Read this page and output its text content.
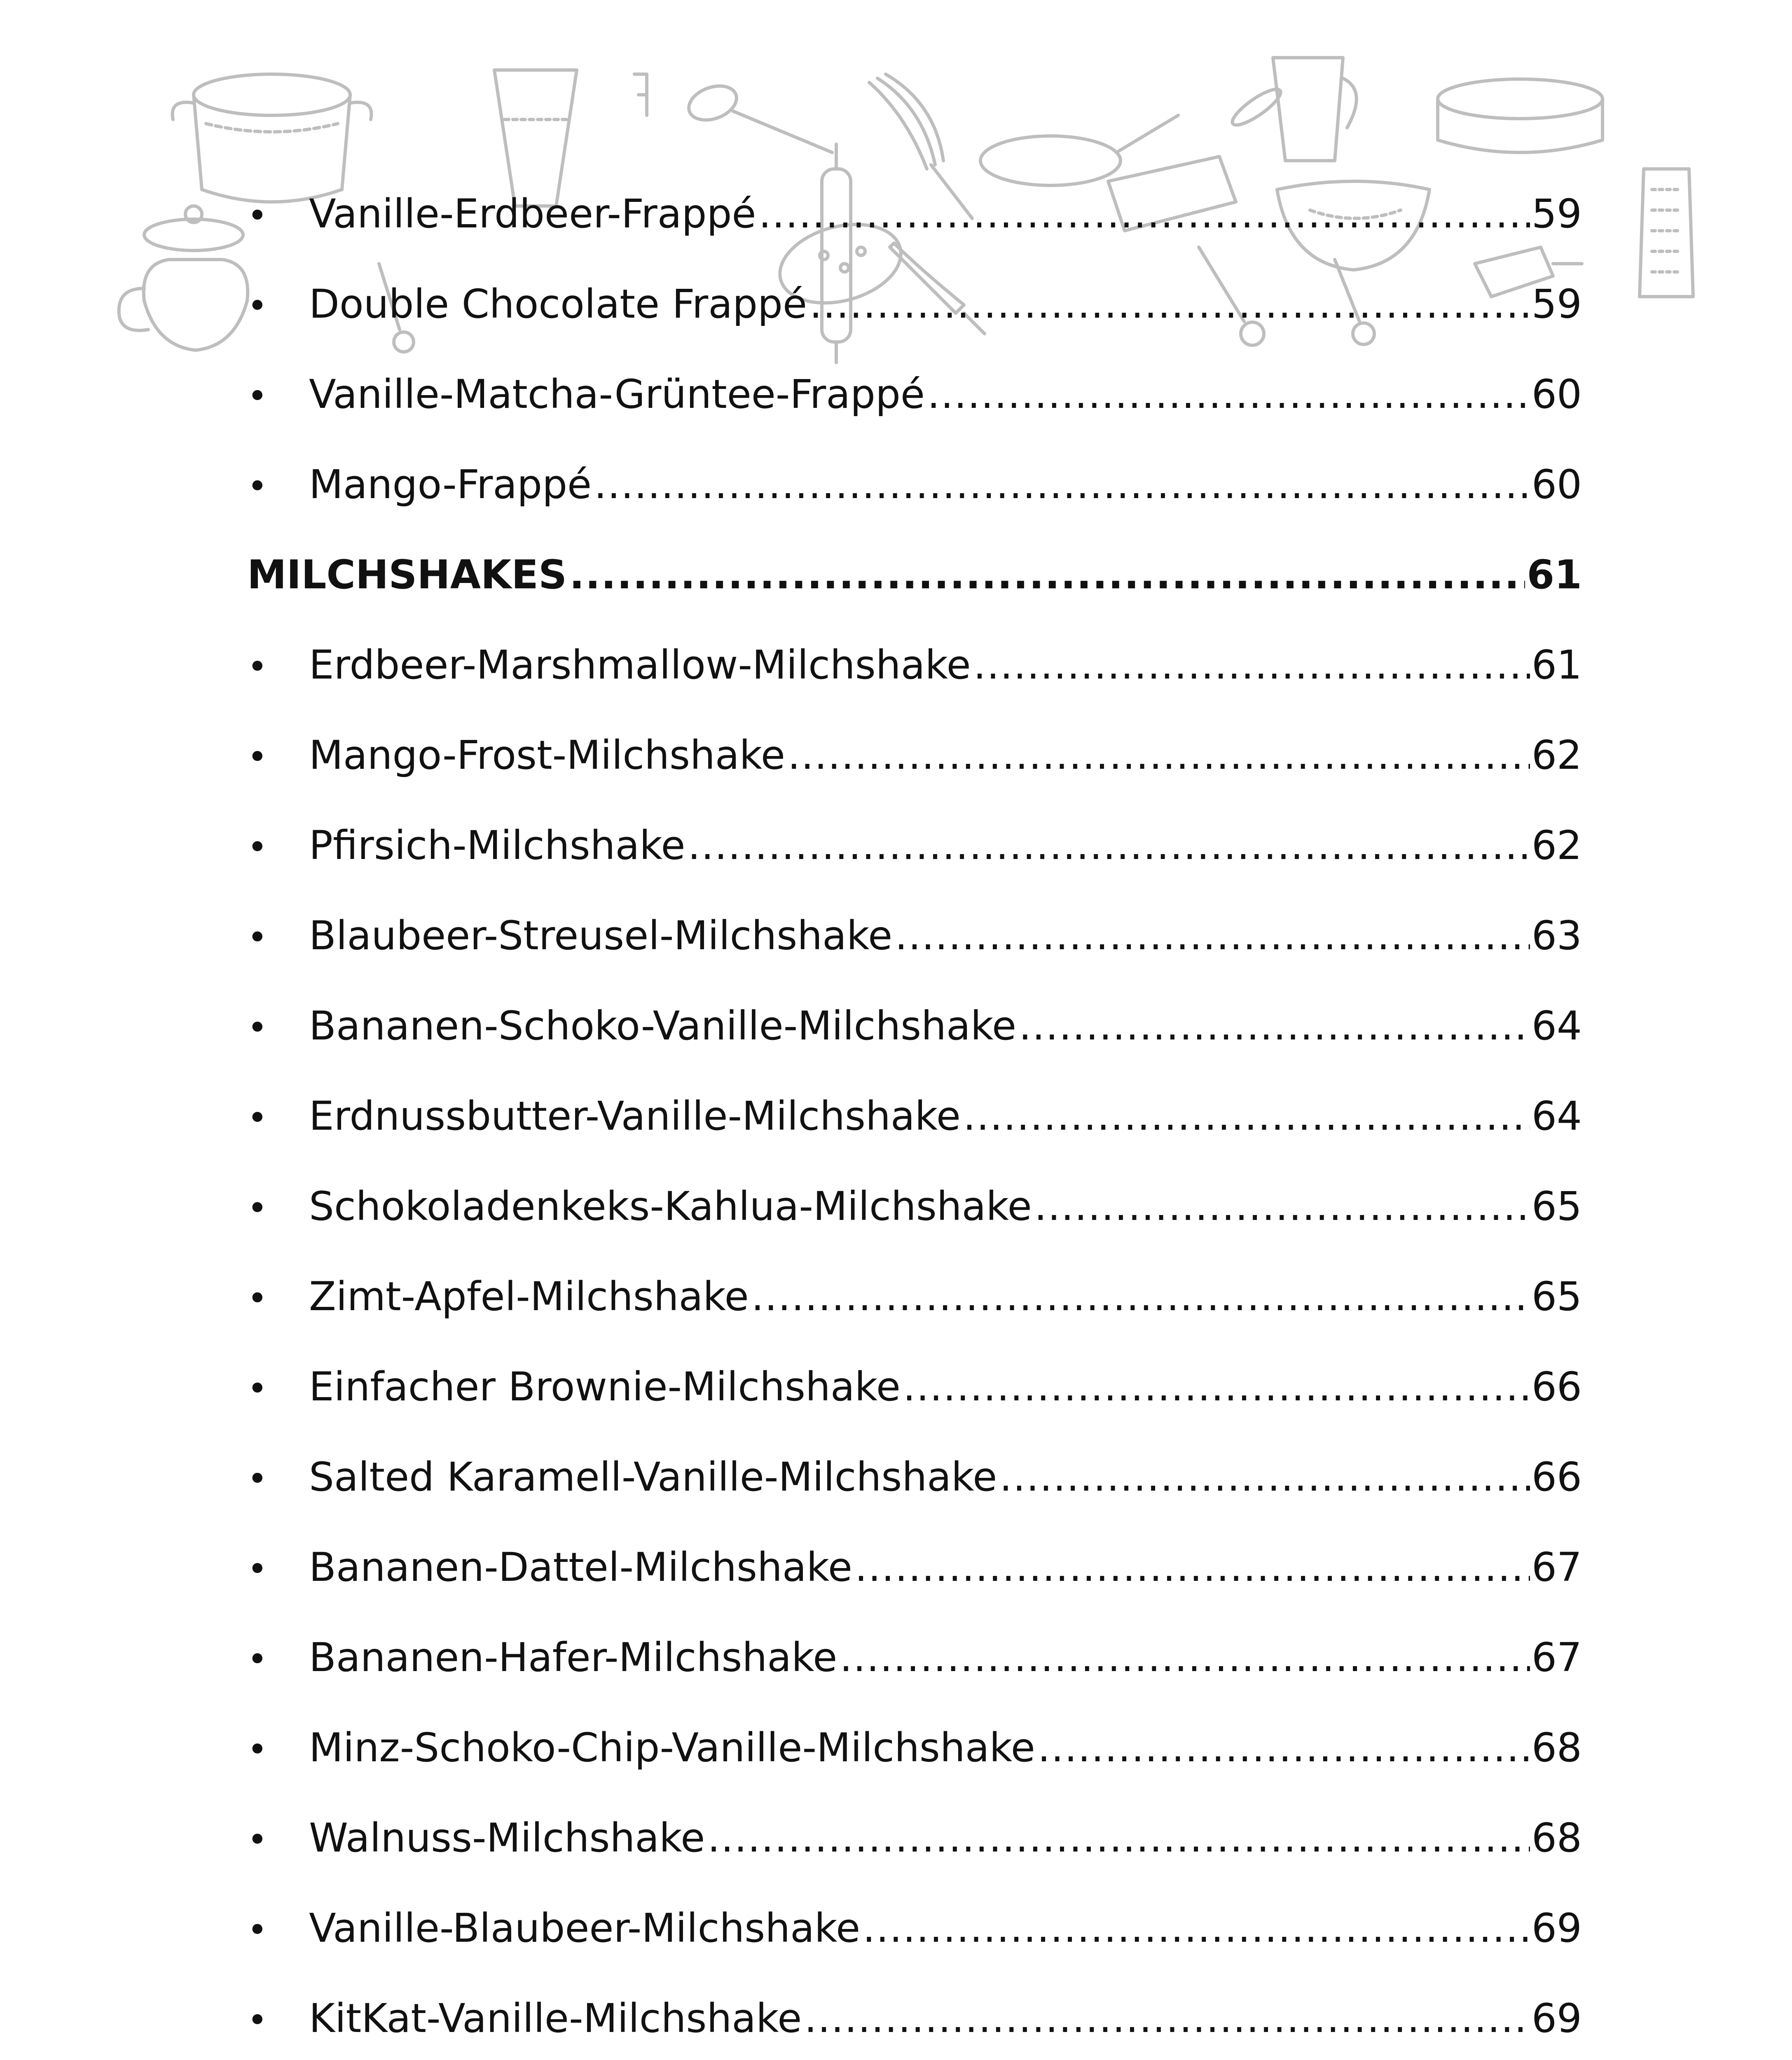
•	Vanille-Erdbeer-Frappé .....	59
•	Double Chocolate Frappé .....	59
•	Vanille-Matcha-Grüntee-Frappé .....	60
•	Mango-Frappé .....	60
MILCHSHAKES .....	61
•	Erdbeer-Marshmallow-Milchshake .....	61
•	Mango-Frost-Milchshake .....	62
•	Pfirsich-Milchshake .....	62
•	Blaubeer-Streusel-Milchshake .....	63
•	Bananen-Schoko-Vanille-Milchshake .....	64
•	Erdnussbutter-Vanille-Milchshake .....	64
•	Schokoladenkeks-Kahlua-Milchshake .....	65
•	Zimt-Apfel-Milchshake .....	65
•	Einfacher Brownie-Milchshake .....	66
•	Salted Karamell-Vanille-Milchshake .....	66
•	Bananen-Dattel-Milchshake .....	67
•	Bananen-Hafer-Milchshake .....	67
•	Minz-Schoko-Chip-Vanille-Milchshake .....	68
•	Walnuss-Milchshake .....	68
•	Vanille-Blaubeer-Milchshake .....	69
•	KitKat-Vanille-Milchshake .....	69
